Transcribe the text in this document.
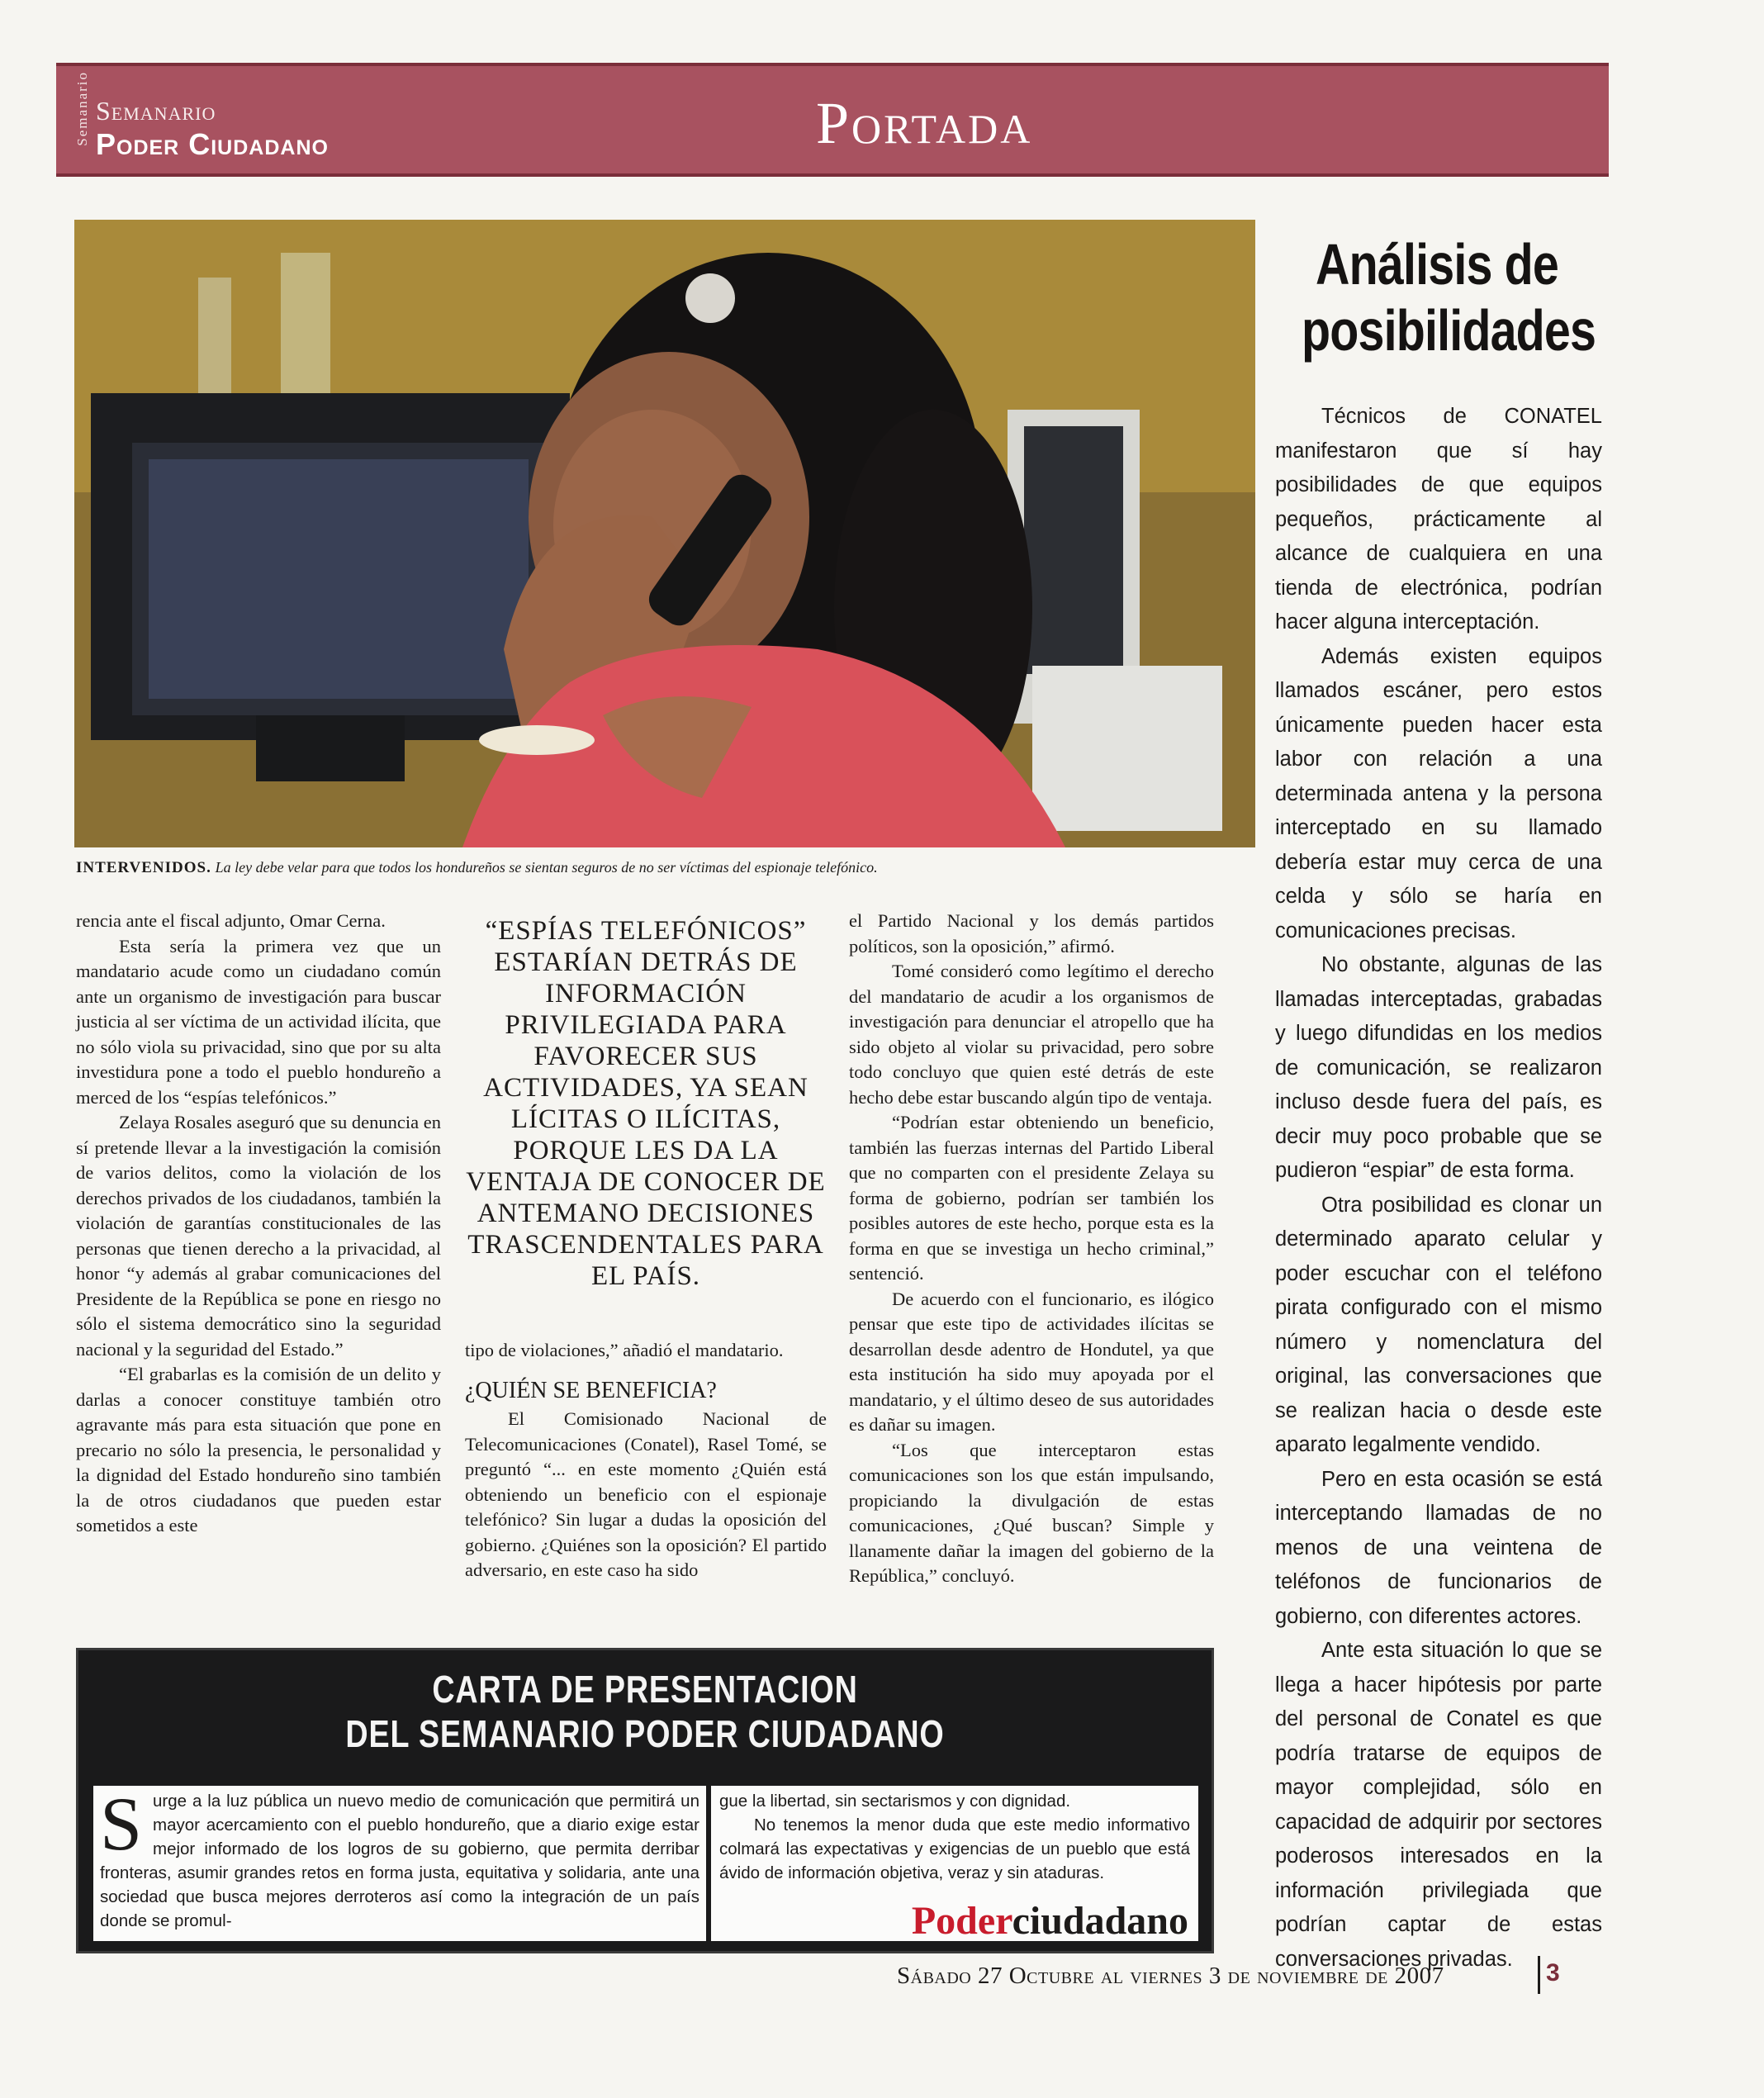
Semanario Semanario
Poder Ciudadano	Portada
INTERVENIDOS. La ley debe velar para que todos los hondureños se sientan seguros de no ser víctimas del espionaje telefónico.

rencia ante el fiscal adjunto, Omar Cerna.

Esta sería la primera vez que un mandatario acude como un ciudadano común ante un organismo de investigación para buscar justicia al ser víctima de un actividad ilícita, que no sólo viola su privacidad, sino que por su alta investidura pone a todo el pueblo hondureño a merced de los “espías telefónicos.”

Zelaya Rosales aseguró que su denuncia en sí pretende llevar a la investigación la comisión de varios delitos, como la violación de los derechos privados de los ciudadanos, también la violación de garantías constitucionales de las personas que tienen derecho a la privacidad, al honor “y además al grabar comunicaciones del Presidente de la República se pone en riesgo no sólo el sistema democrático sino la seguridad nacional y la seguridad del Estado.”

“El grabarlas es la comisión de un delito y darlas a conocer constituye también otro agravante más para esta situación que pone en precario no sólo la presencia, le personalidad y la dignidad del Estado hondureño sino también la de otros ciudadanos que pueden estar sometidos a este

“ESPÍAS TELEFÓNICOS” ESTARÍAN DETRÁS DE INFORMACIÓN PRIVILEGIADA PARA FAVORECER SUS ACTIVIDADES, YA SEAN LÍCITAS O ILÍCITAS, PORQUE LES DA LA VENTAJA DE CONOCER DE ANTEMANO DECISIONES TRASCENDENTALES PARA EL PAÍS.

tipo de violaciones,” añadió el mandatario.

¿QUIÉN SE BENEFICIA?

El Comisionado Nacional de Telecomunicaciones (Conatel), Rasel Tomé, se preguntó “... en este momento ¿Quién está obteniendo un beneficio con el espionaje telefónico? Sin lugar a dudas la oposición del gobierno. ¿Quiénes son la oposición? El partido adversario, en este caso ha sido

el Partido Nacional y los demás partidos políticos, son la oposición,” afirmó.

Tomé consideró como legítimo el derecho del mandatario de acudir a los organismos de investigación para denunciar el atropello que ha sido objeto al violar su privacidad, pero sobre todo concluyo que quien esté detrás de este hecho debe estar buscando algún tipo de ventaja.

“Podrían estar obteniendo un beneficio, también las fuerzas internas del Partido Liberal que no comparten con el presidente Zelaya su forma de gobierno, podrían ser también los posibles autores de este hecho, porque esta es la forma en que se investiga un hecho criminal,” sentenció.

De acuerdo con el funcionario, es ilógico pensar que este tipo de actividades ilícitas se desarrollan desde adentro de Hondutel, ya que esta institución ha sido muy apoyada por el mandatario, y el último deseo de sus autoridades es dañar su imagen.

“Los que interceptaron estas comunicaciones son los que están impulsando, propiciando la divulgación de estas comunicaciones, ¿Qué buscan? Simple y llanamente dañar la imagen del gobierno de la República,” concluyó.

Análisis de
posibilidades

Técnicos de CONATEL manifestaron que sí hay posibilidades de que equipos pequeños, prácticamente al alcance de cualquiera en una tienda de electrónica, podrían hacer alguna interceptación.

Además existen equipos llamados escáner, pero estos únicamente pueden hacer esta labor con relación a una determinada antena y la persona interceptado en su llamado debería estar muy cerca de una celda y sólo se haría en comunicaciones precisas.

No obstante, algunas de las llamadas interceptadas, grabadas y luego difundidas en los medios de comunicación, se realizaron incluso desde fuera del país, es decir muy poco probable que se pudieron “espiar” de esta forma.

Otra posibilidad es clonar un determinado aparato celular y poder escuchar con el teléfono pirata configurado con el mismo número y nomenclatura del original, las conversaciones que se realizan hacia o desde este aparato legalmente vendido.

Pero en esta ocasión se está interceptando llamadas de no menos de una veintena de teléfonos de funcionarios de gobierno, con diferentes actores.

Ante esta situación lo que se llega a hacer hipótesis por parte del personal de Conatel es que podría tratarse de equipos de mayor complejidad, sólo en capacidad de adquirir por sectores poderosos interesados en la información privilegiada que podrían captar de estas conversaciones privadas.

CARTA DE PRESENTACION
DEL SEMANARIO PODER CIUDADANO
S urge a la luz pública un nuevo medio de comunicación que permitirá un mayor acercamiento con el pueblo hondureño, que a diario exige estar mejor informado de los logros de su gobierno, que permita derribar fronteras, asumir grandes retos en forma justa, equitativa y solidaria, ante una sociedad que busca mejores derroteros así como la integración de un país donde se promul-

gue la libertad, sin sectarismos y con dignidad.

No tenemos la menor duda que este medio informativo colmará las expectativas y exigencias de un pueblo que está ávido de información objetiva, veraz y sin ataduras.

Poderciudadano
Sábado 27 Octubre al viernes 3 de noviembre de 2007	3
